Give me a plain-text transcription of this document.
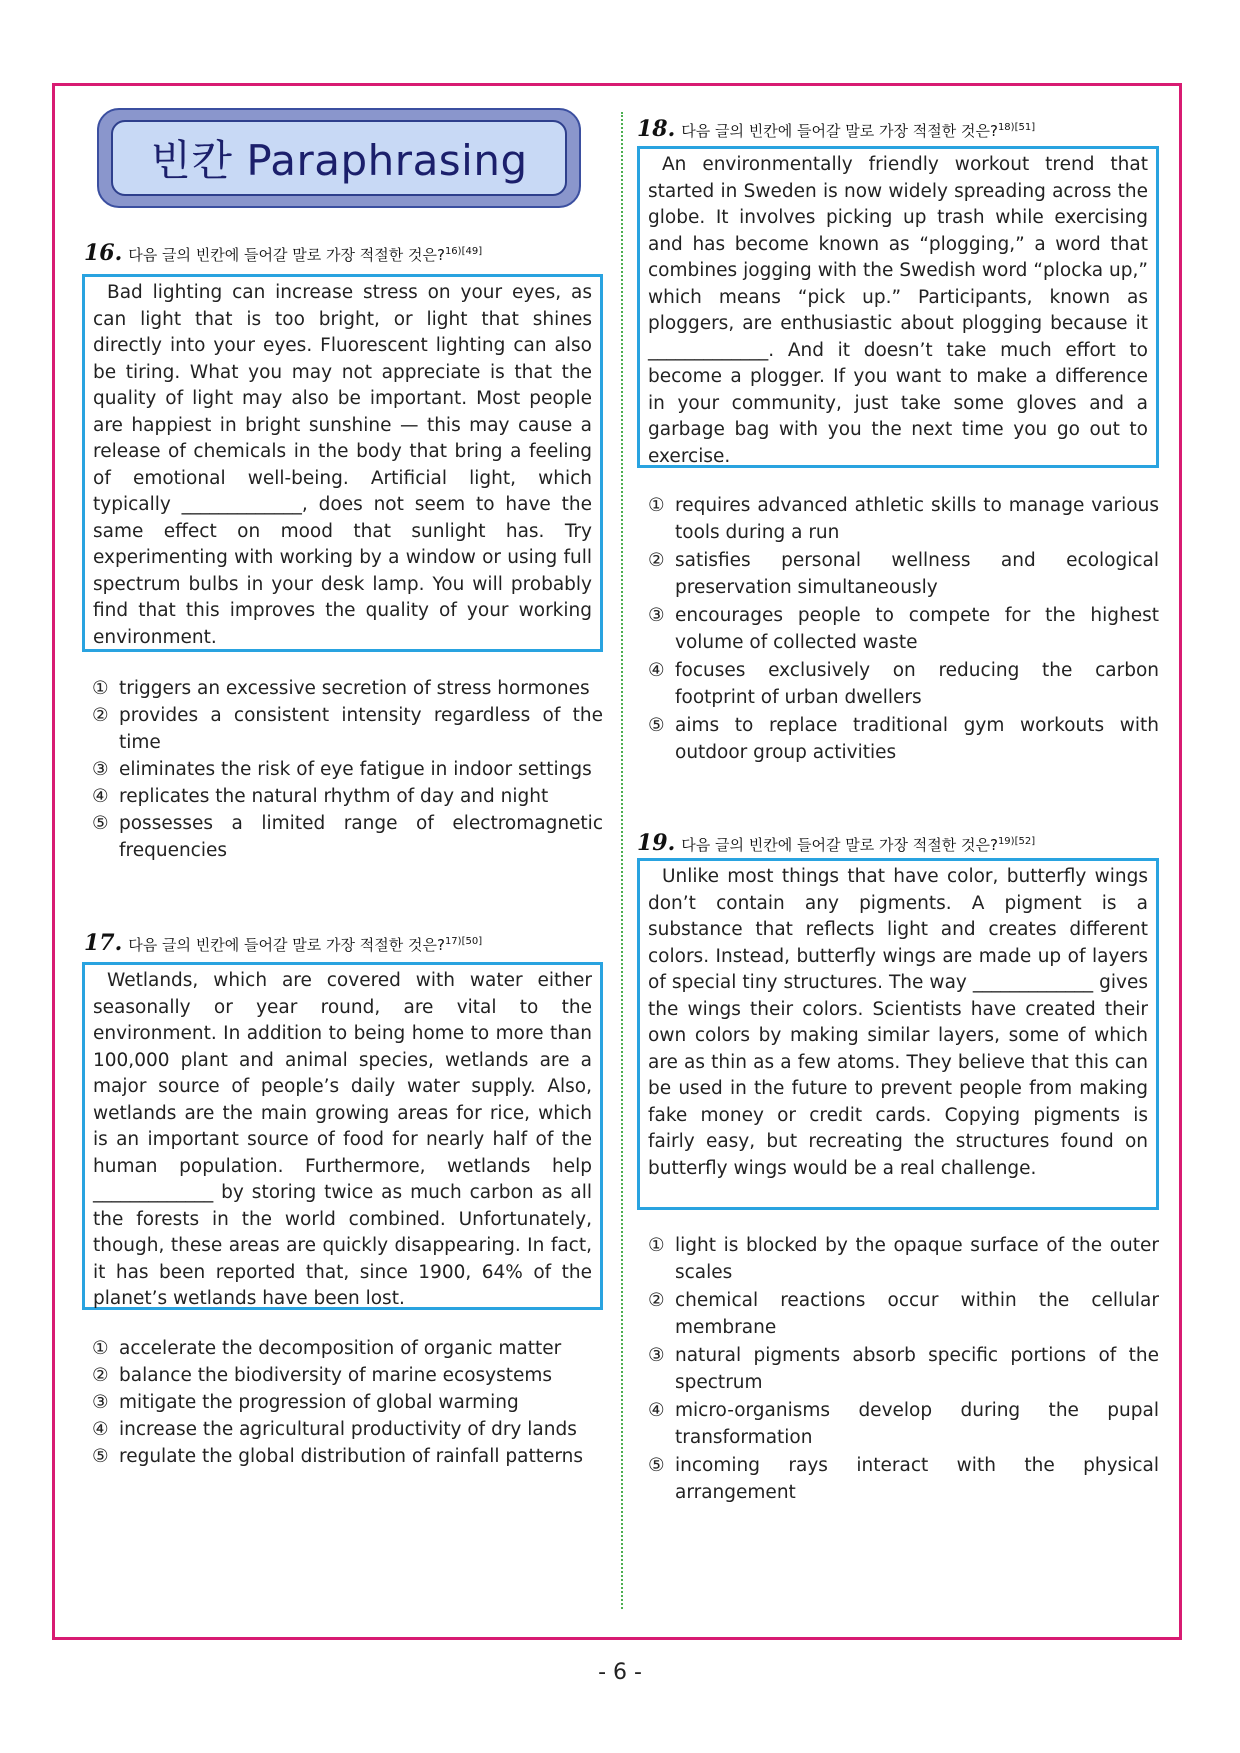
빈칸 Paraphrasing
16. 다음 글의 빈칸에 들어갈 말로 가장 적절한 것은?$^{16)[49]}$
Bad lighting can increase stress on your eyes, as can light that is too bright, or light that shines directly into your eyes. Fluorescent lighting can also be tiring. What you may not appreciate is that the quality of light may also be important. Most people are happiest in bright sunshine — this may cause a release of chemicals in the body that bring a feeling of emotional well-being. Artificial light, which typically _____________, does not seem to have the same effect on mood that sunlight has. Try experimenting with working by a window or using full spectrum bulbs in your desk lamp. You will probably find that this improves the quality of your working environment.
① triggers an excessive secretion of stress hormones
② provides a consistent intensity regardless of the time
③ eliminates the risk of eye fatigue in indoor settings
④ replicates the natural rhythm of day and night
⑤ possesses a limited range of electromagnetic frequencies
17. 다음 글의 빈칸에 들어갈 말로 가장 적절한 것은?$^{17)[50]}$
Wetlands, which are covered with water either seasonally or year round, are vital to the environment. In addition to being home to more than 100,000 plant and animal species, wetlands are a major source of people’s daily water supply. Also, wetlands are the main growing areas for rice, which is an important source of food for nearly half of the human population. Furthermore, wetlands help _____________ by storing twice as much carbon as all the forests in the world combined. Unfortunately, though, these areas are quickly disappearing. In fact, it has been reported that, since 1900, 64% of the planet’s wetlands have been lost.
① accelerate the decomposition of organic matter
② balance the biodiversity of marine ecosystems
③ mitigate the progression of global warming
④ increase the agricultural productivity of dry lands
⑤ regulate the global distribution of rainfall patterns
18. 다음 글의 빈칸에 들어갈 말로 가장 적절한 것은?$^{18)[51]}$
An environmentally friendly workout trend that started in Sweden is now widely spreading across the globe. It involves picking up trash while exercising and has become known as “plogging,” a word that combines jogging with the Swedish word “plocka up,” which means “pick up.” Participants, known as ploggers, are enthusiastic about plogging because it _____________. And it doesn’t take much effort to become a plogger. If you want to make a difference in your community, just take some gloves and a garbage bag with you the next time you go out to exercise.
① requires advanced athletic skills to manage various tools during a run
② satisfies personal wellness and ecological preservation simultaneously
③ encourages people to compete for the highest volume of collected waste
④ focuses exclusively on reducing the carbon footprint of urban dwellers
⑤ aims to replace traditional gym workouts with outdoor group activities
19. 다음 글의 빈칸에 들어갈 말로 가장 적절한 것은?$^{19)[52]}$
Unlike most things that have color, butterfly wings don’t contain any pigments. A pigment is a substance that reflects light and creates different colors. Instead, butterfly wings are made up of layers of special tiny structures. The way _____________ gives the wings their colors. Scientists have created their own colors by making similar layers, some of which are as thin as a few atoms. They believe that this can be used in the future to prevent people from making fake money or credit cards. Copying pigments is fairly easy, but recreating the structures found on butterfly wings would be a real challenge.
① light is blocked by the opaque surface of the outer scales
② chemical reactions occur within the cellular membrane
③ natural pigments absorb specific portions of the spectrum
④ micro-organisms develop during the pupal transformation
⑤ incoming rays interact with the physical arrangement
- 6 -
